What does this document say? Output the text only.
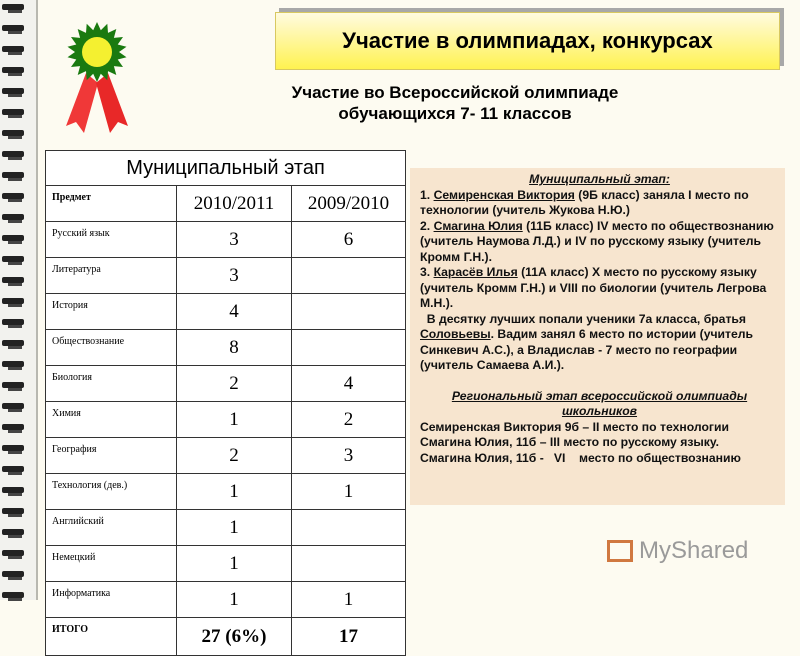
Участие в олимпиадах, конкурсах
Участие во Всероссийской олимпиаде
обучающихся 7- 11 классов
Муниципальный этап		
Предмет	2010/2011	2009/2010
Русский язык	3	6
Литература	3	
История	4	
Обществознание	8	
Биология	2	4
Химия	1	2
География	2	3
Технология (дев.)	1	1
Английский	1	
Немецкий	1	
Информатика	1	1
ИТОГО	27 (6%)	17
Муниципальный этап:
1. Семиренская Виктория (9Б класс) заняла I место по технологии (учитель Жукова Н.Ю.)
2. Смагина Юлия (11Б класс) IV место по обществознанию (учитель Наумова Л.Д.) и IV по русскому языку (учитель Кромм Г.Н.).
3. Карасёв Илья (11А класс) X место по русскому языку (учитель Кромм Г.Н.) и VIII по биологии (учитель Легрова М.Н.).
В десятку лучших попали ученики 7а класса, братья Соловьевы. Вадим занял 6 место по истории (учитель Синкевич А.С.), а Владислав - 7 место по географии (учитель Самаева А.И.).
Региональный этап всероссийской олимпиады школьников
Семиренская Виктория 9б – II место по технологии
Смагина Юлия, 11б – III место по русскому языку.
Смагина Юлия, 11б -   VI    место по обществознанию
MyShared
